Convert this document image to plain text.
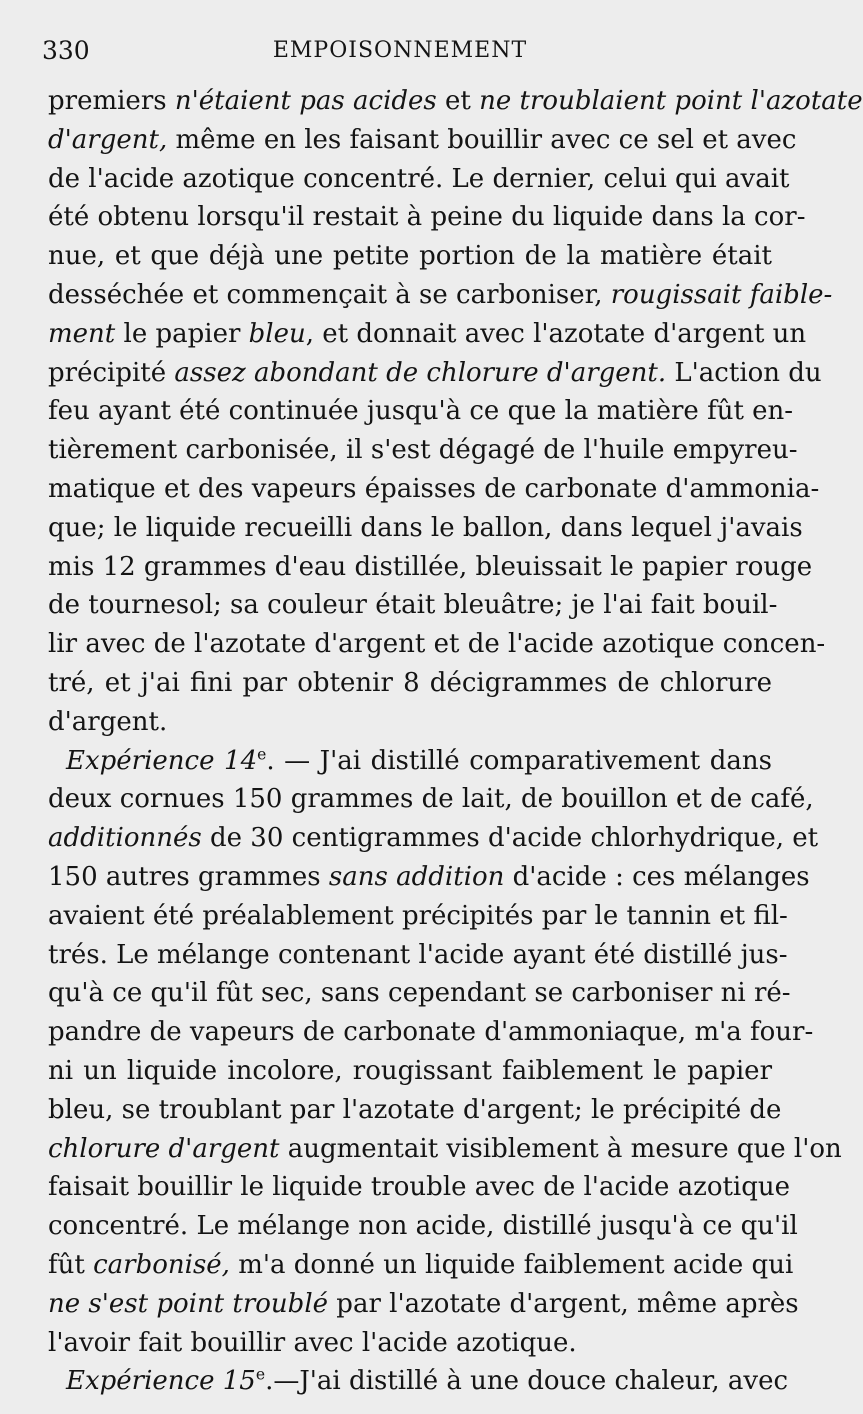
330	EMPOISONNEMENT
premiers n'étaient pas acides et ne troublaient point l'azotate
d'argent, même en les faisant bouillir avec ce sel et avec
de l'acide azotique concentré. Le dernier, celui qui avait
été obtenu lorsqu'il restait à peine du liquide dans la cor-
nue, et que déjà une petite portion de la matière était
desséchée et commençait à se carboniser, rougissait faible-
ment le papier bleu, et donnait avec l'azotate d'argent un
précipité assez abondant de chlorure d'argent. L'action du
feu ayant été continuée jusqu'à ce que la matière fût en-
tièrement carbonisée, il s'est dégagé de l'huile empyreu-
matique et des vapeurs épaisses de carbonate d'ammonia-
que; le liquide recueilli dans le ballon, dans lequel j'avais
mis 12 grammes d'eau distillée, bleuissait le papier rouge
de tournesol; sa couleur était bleuâtre; je l'ai fait bouil-
lir avec de l'azotate d'argent et de l'acide azotique concen-
tré, et j'ai fini par obtenir 8 décigrammes de chlorure
d'argent.
Expérience 14e. — J'ai distillé comparativement dans
deux cornues 150 grammes de lait, de bouillon et de café,
additionnés de 30 centigrammes d'acide chlorhydrique, et
150 autres grammes sans addition d'acide : ces mélanges
avaient été préalablement précipités par le tannin et fil-
trés. Le mélange contenant l'acide ayant été distillé jus-
qu'à ce qu'il fût sec, sans cependant se carboniser ni ré-
pandre de vapeurs de carbonate d'ammoniaque, m'a four-
ni un liquide incolore, rougissant faiblement le papier
bleu, se troublant par l'azotate d'argent; le précipité de
chlorure d'argent augmentait visiblement à mesure que l'on
faisait bouillir le liquide trouble avec de l'acide azotique
concentré. Le mélange non acide, distillé jusqu'à ce qu'il
fût carbonisé, m'a donné un liquide faiblement acide qui
ne s'est point troublé par l'azotate d'argent, même après
l'avoir fait bouillir avec l'acide azotique.
Expérience 15e.—J'ai distillé à une douce chaleur, avec
